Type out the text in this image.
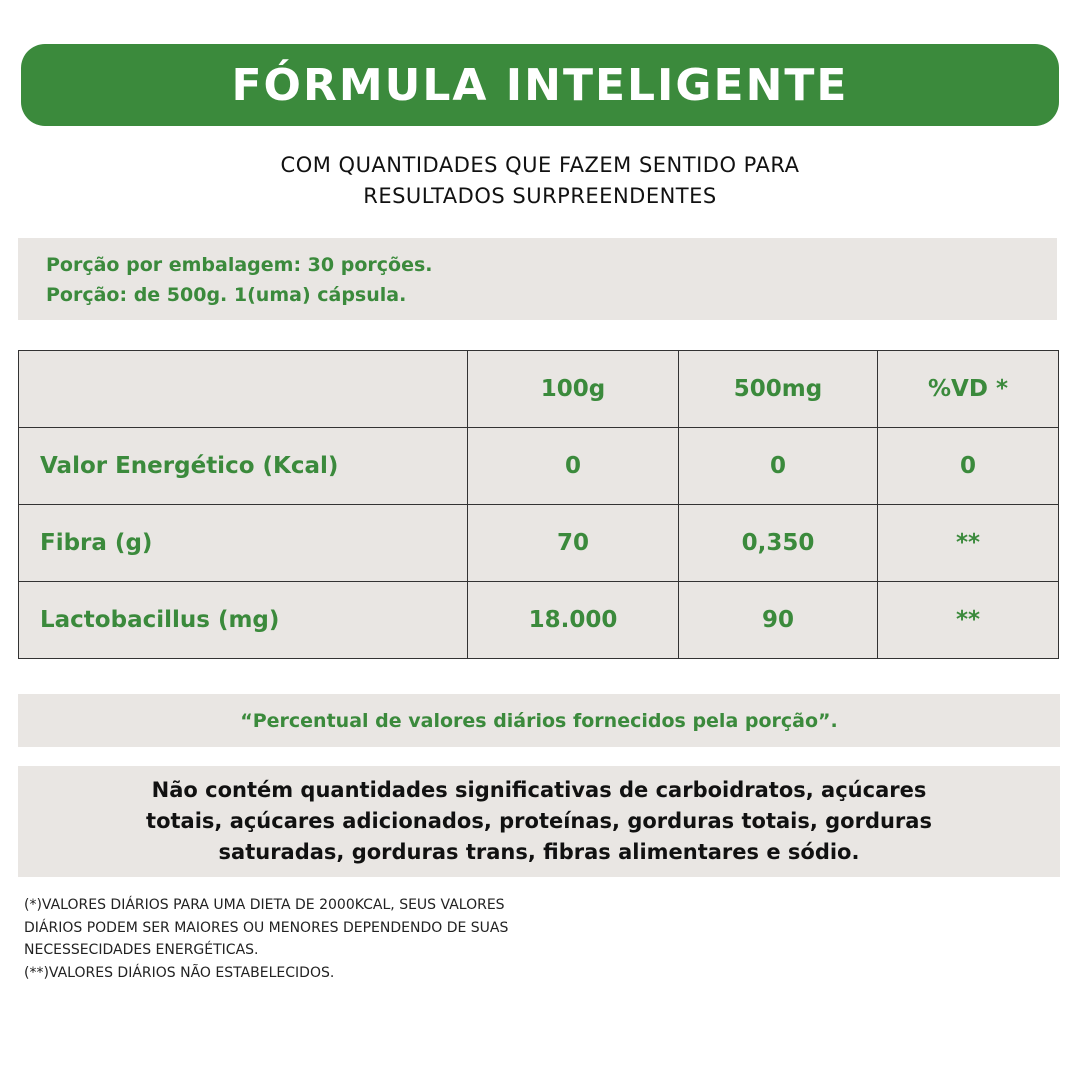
FÓRMULA INTELIGENTE
COM QUANTIDADES QUE FAZEM SENTIDO PARA
RESULTADOS SURPREENDENTES
Porção por embalagem: 30 porções.
Porção: de 500g. 1(uma) cápsula.
	100g	500mg	%VD *
Valor Energético (Kcal)	0	0	0
Fibra (g)	70	0,350	**
Lactobacillus (mg)	18.000	90	**
“Percentual de valores diários fornecidos pela porção”.
Não contém quantidades significativas de carboidratos, açúcares
totais, açúcares adicionados, proteínas, gorduras totais, gorduras
saturadas, gorduras trans, fibras alimentares e sódio.
(*)VALORES DIÁRIOS PARA UMA DIETA DE 2000KCAL, SEUS VALORES
DIÁRIOS PODEM SER MAIORES OU MENORES DEPENDENDO DE SUAS
NECESSECIDADES ENERGÉTICAS.
(**)VALORES DIÁRIOS NÃO ESTABELECIDOS.
